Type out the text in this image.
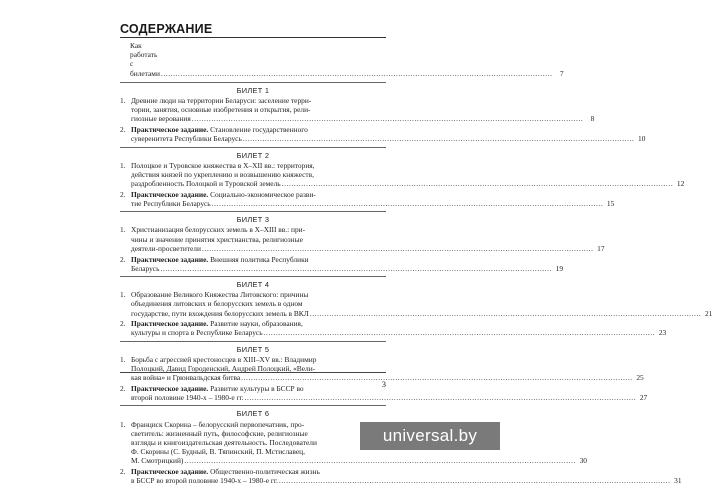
СОДЕРЖАНИЕ
Как работать с билетами .....	7
БИЛЕТ 1
1. Древние люди на территории Беларуси: заселение терри-
тории, занятия, основные изобретения и открытия, рели-
гиозные верования .....	8
2. Практическое задание. Становление государственного
суверенитета Республики Беларусь .....	10
БИЛЕТ 2
1. Полоцкое и Туровское княжества в X–XII вв.: территория,
действия князей по укреплению и возвышению княжеств,
раздробленность Полоцкой и Туровской земель .....	12
2. Практическое задание. Социально-экономическое разви-
тие Республики Беларусь .....	15
БИЛЕТ 3
1. Христианизация белорусских земель в X–XIII вв.: при-
чины и значение принятия христианства, религиозные
деятели-просветители .....	17
2. Практическое задание. Внешняя политика Республики
Беларусь .....	19
БИЛЕТ 4
1. Образование Великого Княжества Литовского: причины
объединения литовских и белорусских земель в одном
государстве, пути вхождения белорусских земель в ВКЛ .....	21
2. Практическое задание. Развитие науки, образования,
культуры и спорта в Республике Беларусь .....	23
БИЛЕТ 5
1. Борьба с агрессией крестоносцев в XIII–XV вв.: Владимир
Полоцкий, Давид Городенский, Андрей Полоцкий, «Вели-
кая война» и Грюнвальдская битва .....	25
2. Практическое задание. Развитие культуры в БССР во
второй половине 1940-х – 1980-е гг. .....	27
БИЛЕТ 6
1. Франциск Скорина – белорусский первопечатник, про-
светитель: жизненный путь, философские, религиозные
взгляды и книгоиздательская деятельность. Последователи
Ф. Скорины (С. Будный, В. Тяпинский, П. Мстиславец,
М. Смотрицкий) .....	30
2. Практическое задание. Общественно-политическая жизнь
в БССР во второй половине 1940-х – 1980-е гг. .....	31
3
universal.by
